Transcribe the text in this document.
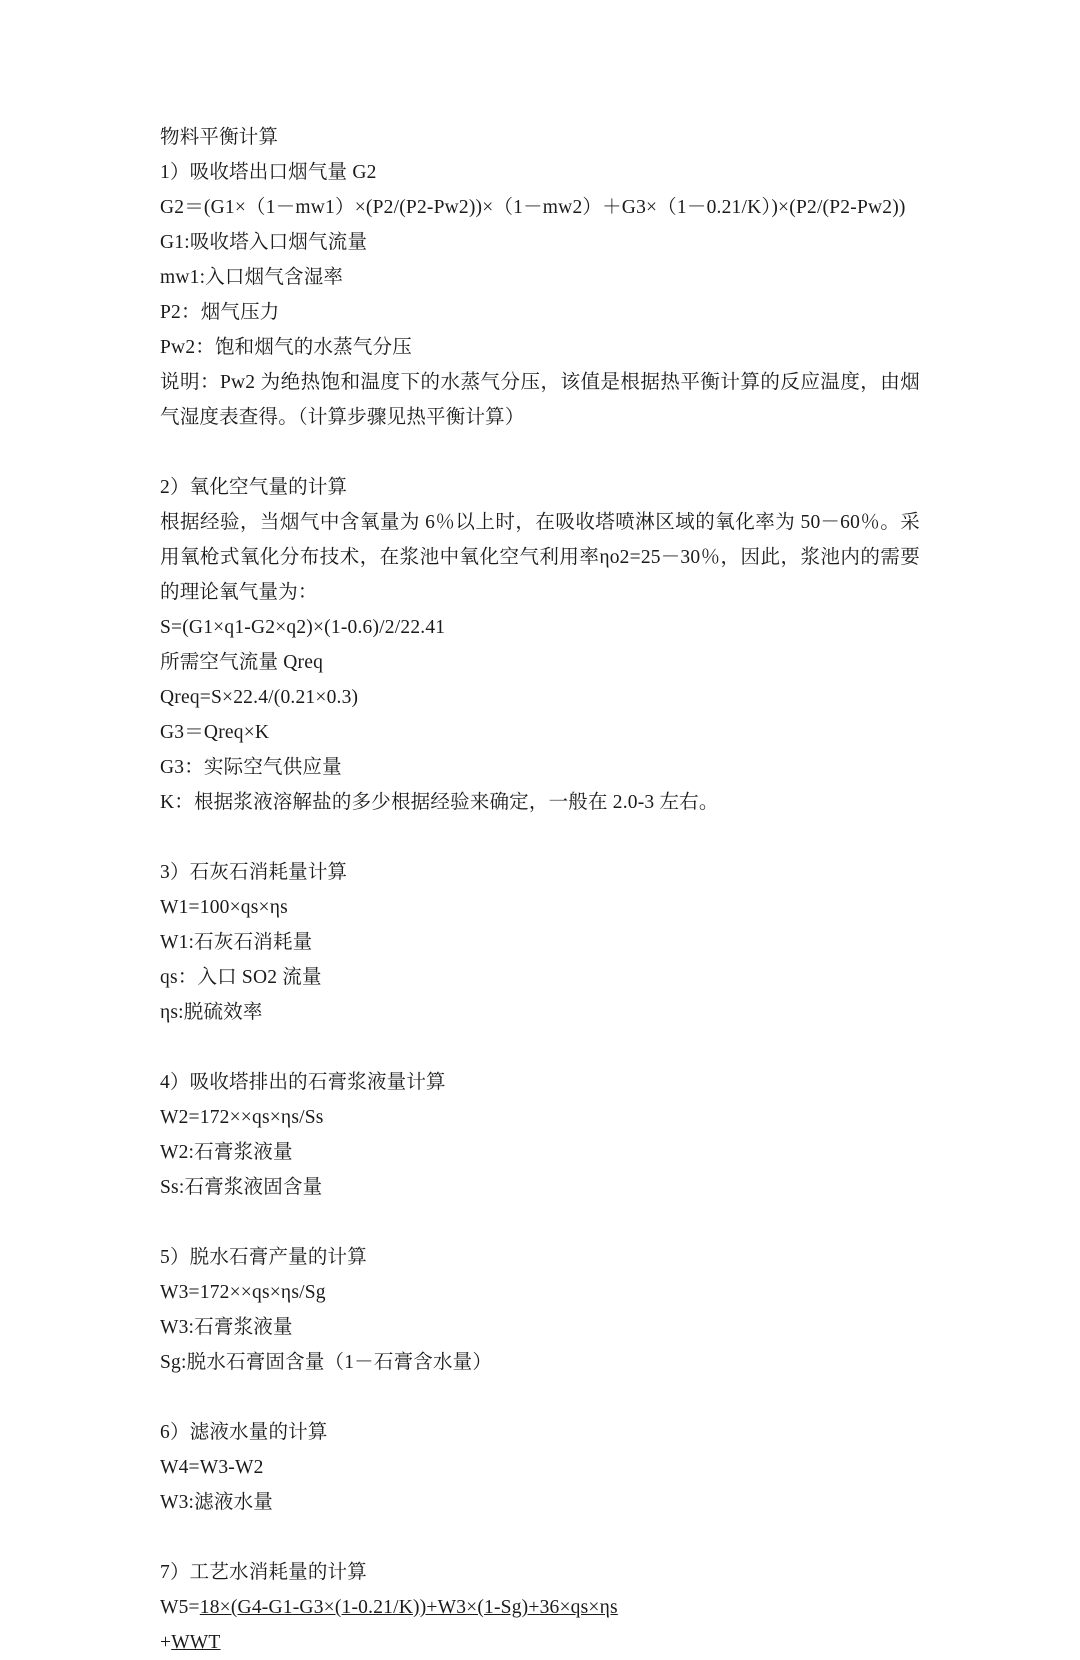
物料平衡计算

1）吸收塔出口烟气量 G2

G2＝(G1×（1－mw1）×(P2/(P2-Pw2))×（1－mw2）＋G3×（1－0.21/K）)×(P2/(P2-Pw2))

G1:吸收塔入口烟气流量

mw1:入口烟气含湿率

P2：烟气压力

Pw2：饱和烟气的水蒸气分压

说明：Pw2 为绝热饱和温度下的水蒸气分压，该值是根据热平衡计算的反应温度，由烟气湿度表查得。（计算步骤见热平衡计算）

2）氧化空气量的计算

根据经验，当烟气中含氧量为 6％以上时，在吸收塔喷淋区域的氧化率为 50－60％。采用氧枪式氧化分布技术，在浆池中氧化空气利用率ηo2=25－30％，因此，浆池内的需要的理论氧气量为：

S=(G1×q1-G2×q2)×(1-0.6)/2/22.41

所需空气流量 Qreq

Qreq=S×22.4/(0.21×0.3)

G3＝Qreq×K

G3：实际空气供应量

K：根据浆液溶解盐的多少根据经验来确定，一般在 2.0-3 左右。

3）石灰石消耗量计算

W1=100×qs×ηs

W1:石灰石消耗量

qs：入口 SO2 流量

ηs:脱硫效率

4）吸收塔排出的石膏浆液量计算

W2=172××qs×ηs/Ss

W2:石膏浆液量

Ss:石膏浆液固含量

5）脱水石膏产量的计算

W3=172××qs×ηs/Sg

W3:石膏浆液量

Sg:脱水石膏固含量（1－石膏含水量）

6）滤液水量的计算

W4=W3-W2

W3:滤液水量

7）工艺水消耗量的计算

W5=18×(G4-G1-G3×(1-0.21/K))+W3×(1-Sg)+36×qs×ηs

+WWT
